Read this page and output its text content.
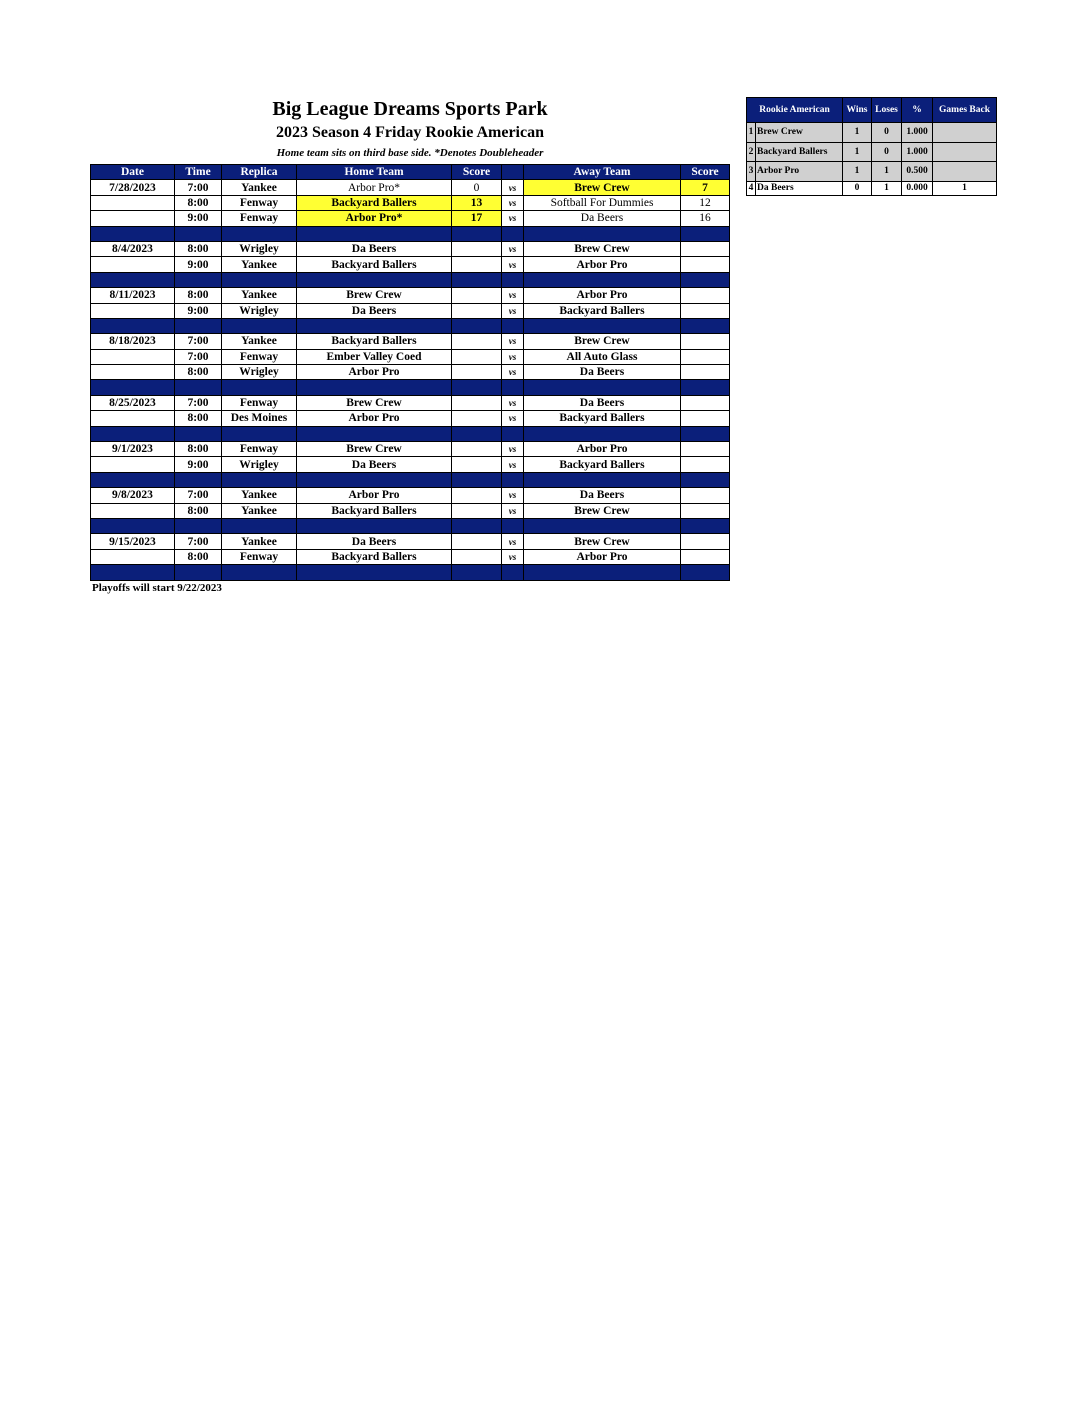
Big League Dreams Sports Park
2023 Season 4 Friday Rookie American
Home team sits on third base side. *Denotes Doubleheader
Date	Time	Replica	Home Team	Score		Away Team	Score
7/28/2023	7:00	Yankee	Arbor Pro*	0	vs	Brew Crew	7
	8:00	Fenway	Backyard Ballers	13	vs	Softball For Dummies	12
	9:00	Fenway	Arbor Pro*	17	vs	Da Beers	16

8/4/2023	8:00	Wrigley	Da Beers		vs	Brew Crew	
	9:00	Yankee	Backyard Ballers		vs	Arbor Pro	

8/11/2023	8:00	Yankee	Brew Crew		vs	Arbor Pro	
	9:00	Wrigley	Da Beers		vs	Backyard Ballers	

8/18/2023	7:00	Yankee	Backyard Ballers		vs	Brew Crew	
	7:00	Fenway	Ember Valley Coed		vs	All Auto Glass	
	8:00	Wrigley	Arbor Pro		vs	Da Beers	

8/25/2023	7:00	Fenway	Brew Crew		vs	Da Beers	
	8:00	Des Moines	Arbor Pro		vs	Backyard Ballers	

9/1/2023	8:00	Fenway	Brew Crew		vs	Arbor Pro	
	9:00	Wrigley	Da Beers		vs	Backyard Ballers	

9/8/2023	7:00	Yankee	Arbor Pro		vs	Da Beers	
	8:00	Yankee	Backyard Ballers		vs	Brew Crew	

9/15/2023	7:00	Yankee	Da Beers		vs	Brew Crew	
	8:00	Fenway	Backyard Ballers		vs	Arbor Pro	

Playoffs will start 9/22/2023
Rookie American		Wins	Loses	%	Games Back
1	Brew Crew	1	0	1.000	
2	Backyard Ballers	1	0	1.000	
3	Arbor Pro	1	1	0.500	
4	Da Beers	0	1	0.000	1
